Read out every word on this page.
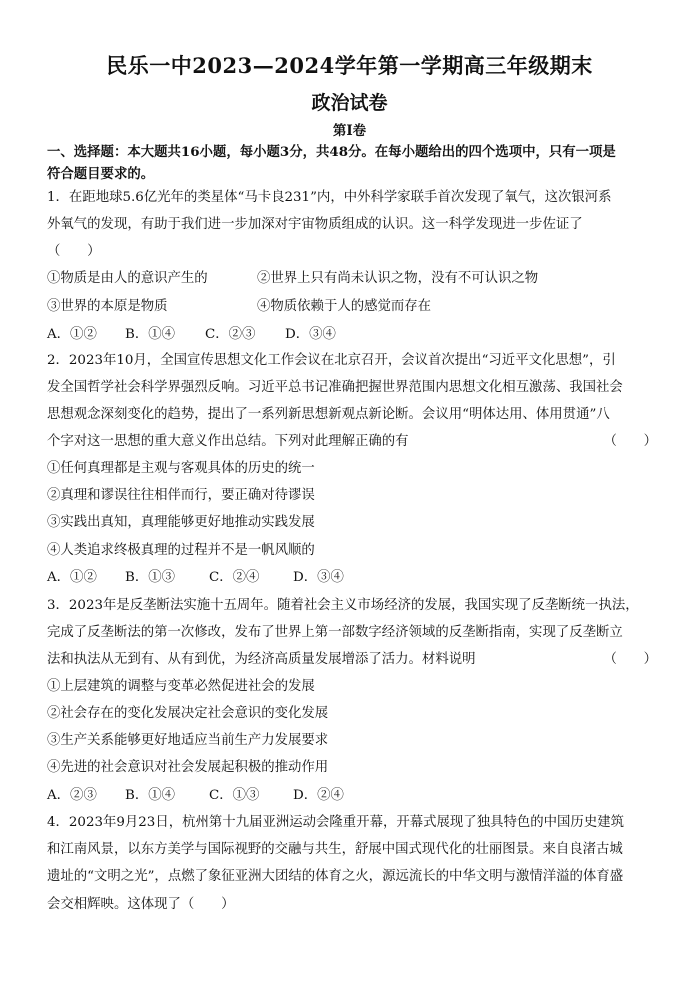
民乐一中2023—2024学年第一学期高三年级期末
政治试卷
第Ⅰ卷
一、选择题：本大题共16小题，每小题3分，共48分。在每小题给出的四个选项中，只有一项是
符合题目要求的。
1．在距地球5.6亿光年的类星体“马卡良231”内，中外科学家联手首次发现了氧气，这次银河系
外氧气的发现，有助于我们进一步加深对宇宙物质组成的认识。这一科学发现进一步佐证了
（　　）
①物质是由人的意识产生的	②世界上只有尚未认识之物，没有不可认识之物
③世界的本原是物质	④物质依赖于人的感觉而存在
A．①② B．①④ C．②③ D．③④
2．2023年10月，全国宣传思想文化工作会议在北京召开，会议首次提出“习近平文化思想”，引
发全国哲学社会科学界强烈反响。习近平总书记准确把握世界范围内思想文化相互激荡、我国社会
思想观念深刻变化的趋势，提出了一系列新思想新观点新论断。会议用“明体达用、体用贯通”八
个字对这一思想的重大意义作出总结。下列对此理解正确的有	（　　）
①任何真理都是主观与客观具体的历史的统一
②真理和谬误往往相伴而行，要正确对待谬误
③实践出真知，真理能够更好地推动实践发展
④人类追求终极真理的过程并不是一帆风顺的
A．①② B．①③	C．②④	D．③④
3．2023年是反垄断法实施十五周年。随着社会主义市场经济的发展，我国实现了反垄断统一执法，
完成了反垄断法的第一次修改，发布了世界上第一部数字经济领域的反垄断指南，实现了反垄断立
法和执法从无到有、从有到优，为经济高质量发展增添了活力。材料说明	（　　）
①上层建筑的调整与变革必然促进社会的发展
②社会存在的变化发展决定社会意识的变化发展
③生产关系能够更好地适应当前生产力发展要求
④先进的社会意识对社会发展起积极的推动作用
A．②③ B．①④	C．①③	D．②④
4．2023年9月23日，杭州第十九届亚洲运动会隆重开幕，开幕式展现了独具特色的中国历史建筑
和江南风景，以东方美学与国际视野的交融与共生，舒展中国式现代化的壮丽图景。来自良渚古城
遗址的“文明之光”，点燃了象征亚洲大团结的体育之火，源远流长的中华文明与激情洋溢的体育盛
会交相辉映。这体现了（　　）
